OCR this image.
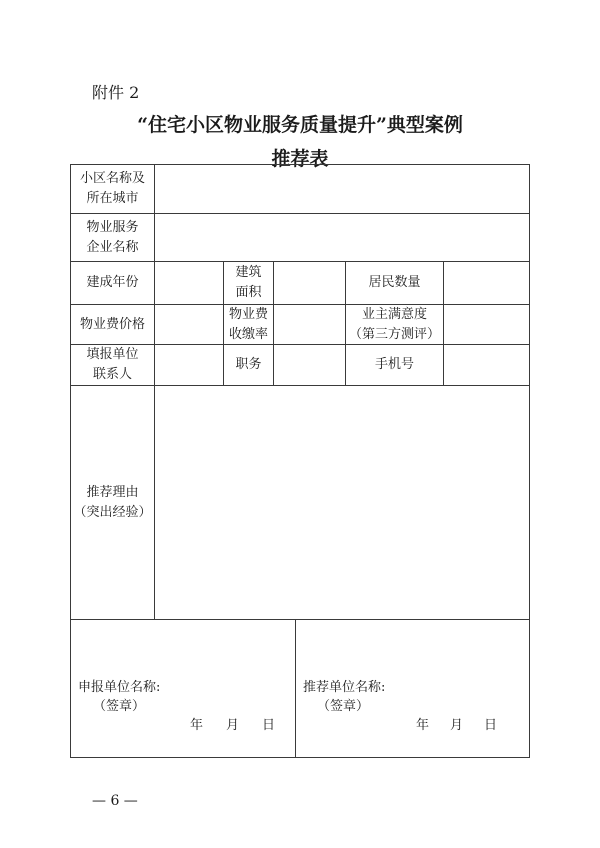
附件 2
“住宅小区物业服务质量提升”典型案例
推荐表
小区名称及
所在城市
物业服务
企业名称
建成年份
建筑
面积
居民数量
物业费价格
物业费
收缴率
业主满意度
（第三方测评）
填报单位
联系人
职务	手机号
推荐理由
（突出经验）
申报单位名称:
（签章）
年 月 日
推荐单位名称:
（签章）
年 月 日
— 6 —
